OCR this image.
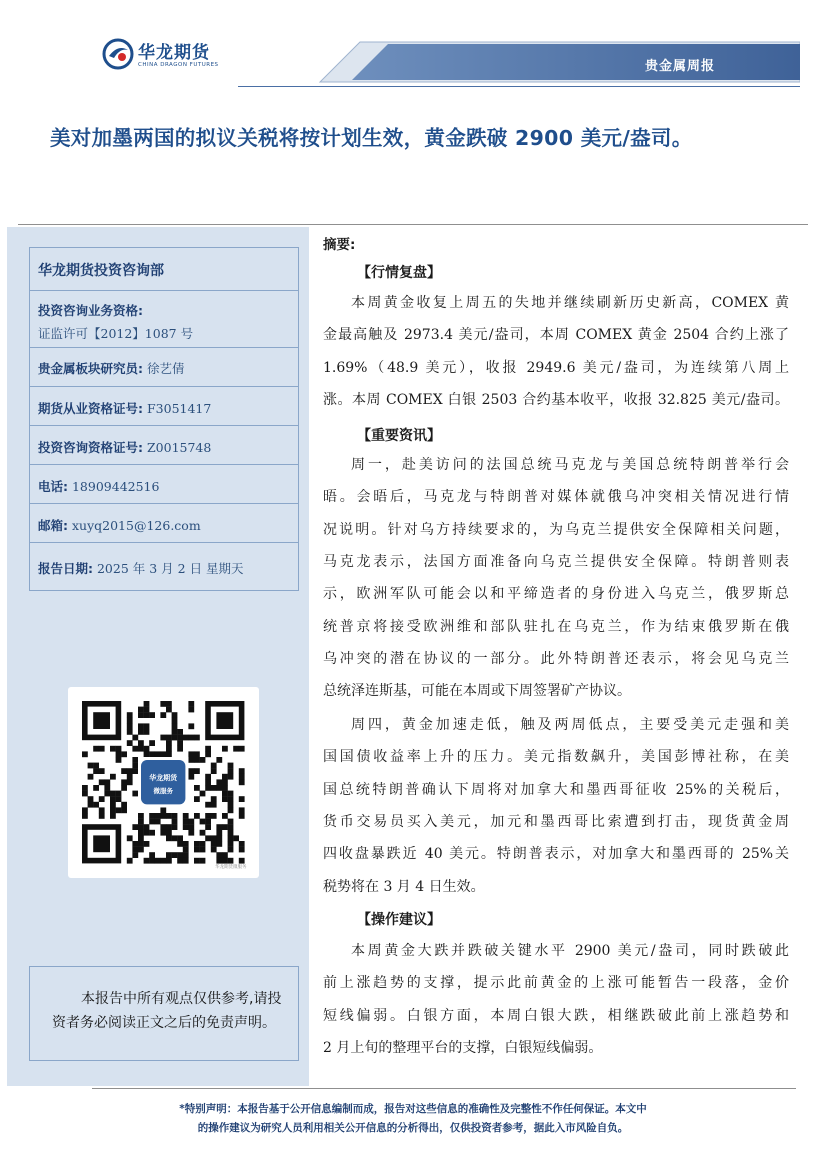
华龙期货
CHINA DRAGON FUTURES	贵金属周报
美对加墨两国的拟议关税将按计划生效，黄金跌破 2900 美元/盎司。
华龙期货投资咨询部
投资咨询业务资格:
证监许可【2012】1087 号
贵金属板块研究员: 徐艺倩
期货从业资格证号: F3051417
投资咨询资格证号: Z0015748
电话: 18909442516
邮箱: xuyq2015@126.com
报告日期: 2025 年 3 月 2 日 星期天
华龙期货
微服务
华龙期货微服务

本报告中所有观点仅供参考,请投资者务必阅读正文之后的免责声明。

摘要:
【行情复盘】
本周黄金收复上周五的失地并继续刷新历史新高，COMEX 黄
金最高触及 2973.4 美元/盎司，本周 COMEX 黄金 2504 合约上涨了
1.69%（48.9 美元），收报 2949.6 美元/盎司，为连续第八周上
涨。本周 COMEX 白银 2503 合约基本收平，收报 32.825 美元/盎司。
【重要资讯】
周一，赴美访问的法国总统马克龙与美国总统特朗普举行会
晤。会晤后，马克龙与特朗普对媒体就俄乌冲突相关情况进行情
况说明。针对乌方持续要求的，为乌克兰提供安全保障相关问题，
马克龙表示，法国方面准备向乌克兰提供安全保障。特朗普则表
示，欧洲军队可能会以和平缔造者的身份进入乌克兰，俄罗斯总
统普京将接受欧洲维和部队驻扎在乌克兰，作为结束俄罗斯在俄
乌冲突的潜在协议的一部分。此外特朗普还表示，将会见乌克兰
总统泽连斯基，可能在本周或下周签署矿产协议。
周四，黄金加速走低，触及两周低点，主要受美元走强和美
国国债收益率上升的压力。美元指数飙升，美国彭博社称，在美
国总统特朗普确认下周将对加拿大和墨西哥征收 25%的关税后，
货币交易员买入美元，加元和墨西哥比索遭到打击，现货黄金周
四收盘暴跌近 40 美元。特朗普表示，对加拿大和墨西哥的 25%关
税势将在 3 月 4 日生效。
【操作建议】
本周黄金大跌并跌破关键水平 2900 美元/盎司，同时跌破此
前上涨趋势的支撑，提示此前黄金的上涨可能暂告一段落，金价
短线偏弱。白银方面，本周白银大跌，相继跌破此前上涨趋势和
2 月上旬的整理平台的支撑，白银短线偏弱。
*特别声明：本报告基于公开信息编制而成，报告对这些信息的准确性及完整性不作任何保证。本文中
的操作建议为研究人员利用相关公开信息的分析得出，仅供投资者参考，据此入市风险自负。
